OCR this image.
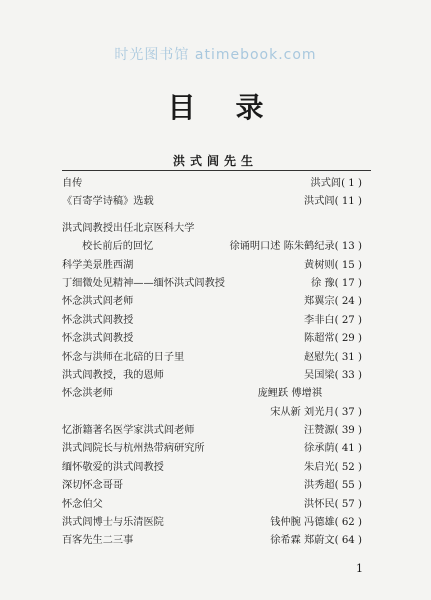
时光图书馆 atimebook.com
目录
洪式闾先生
自传	洪式闾( 1 )
《百寄学诗稿》选载	洪式闾( 11 )
洪式闾教授出任北京医科大学
校长前后的回忆	徐诵明口述 陈朱鹤纪录( 13 )
科学美景胜西湖	黄树则( 15 )
丁细微处见精神——缅怀洪式闾教授	徐 豫( 17 )
怀念洪式闾老师	郑翼宗( 24 )
怀念洪式闾教授	李非白( 27 )
怀念洪式闾教授	陈超常( 29 )
怀念与洪师在北碚的日子里	赵慰先( 31 )
洪式闾教授，我的恩师	吴国梁( 33 )
怀念洪老师	庞鲤跃 傅增祺
宋从新 刘光月( 37 )
忆浙籍著名医学家洪式闾老师	汪赞源( 39 )
洪式闾院长与杭州热带病研究所	徐承荫( 41 )
缅怀敬爱的洪式闾教授	朱启光( 52 )
深切怀念哥哥	洪秀超( 55 )
怀念伯父	洪怀民( 57 )
洪式闾博士与乐清医院	钱仲腕 冯德雄( 62 )
百客先生二三事	徐希霖 郑蔚文( 64 )
1
